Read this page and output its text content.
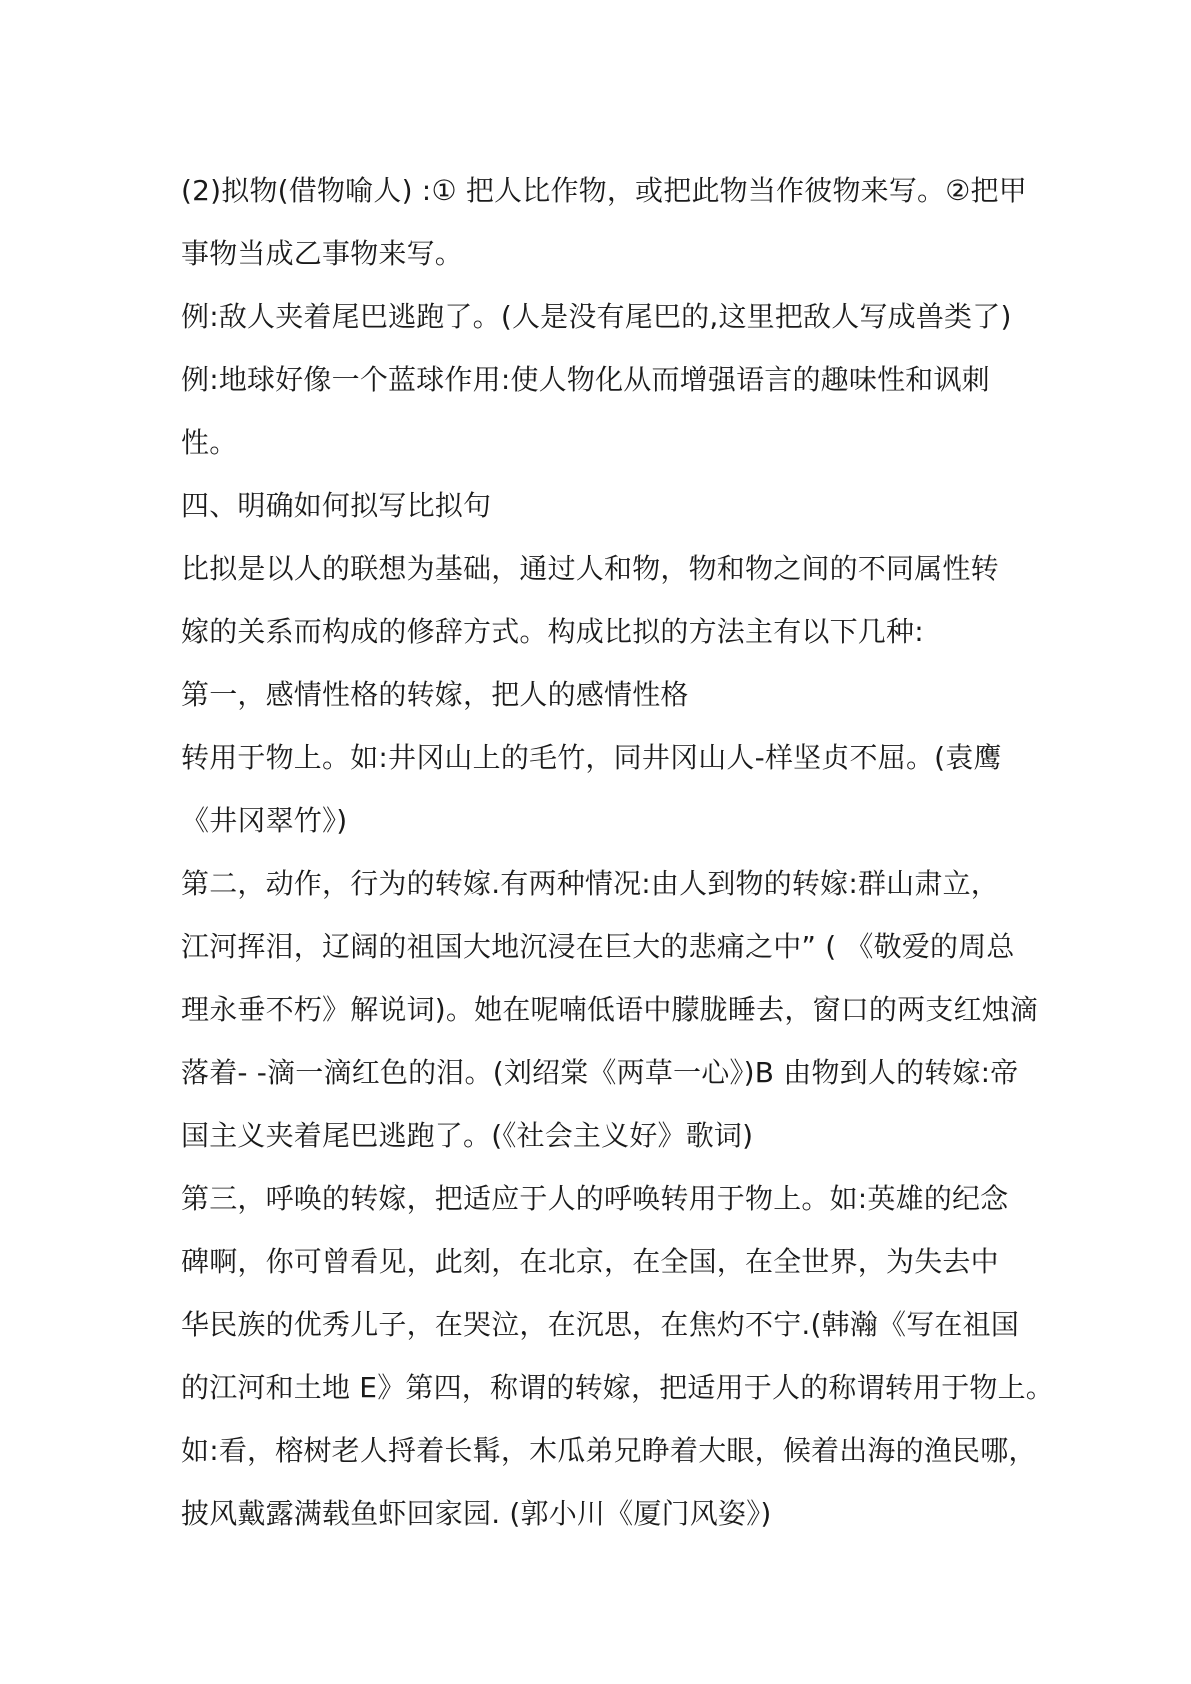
(2)拟物(借物喻人) :① 把人比作物，或把此物当作彼物来写。②把甲
事物当成乙事物来写。
例:敌人夹着尾巴逃跑了。(人是没有尾巴的,这里把敌人写成兽类了)
例:地球好像一个蓝球作用:使人物化从而增强语言的趣味性和讽刺
性。
四、明确如何拟写比拟句
比拟是以人的联想为基础，通过人和物，物和物之间的不同属性转
嫁的关系而构成的修辞方式。构成比拟的方法主有以下几种:
第一，感情性格的转嫁，把人的感情性格
转用于物上。如:井冈山上的毛竹，同井冈山人-样坚贞不屈。(袁鹰
《井冈翠竹》)
第二，动作，行为的转嫁.有两种情况:由人到物的转嫁:群山肃立，
江河挥泪，辽阔的祖国大地沉浸在巨大的悲痛之中” ( 《敬爱的周总
理永垂不朽》解说词)。她在呢喃低语中朦胧睡去，窗口的两支红烛滴
落着- -滴一滴红色的泪。(刘绍棠《两草一心》)B 由物到人的转嫁:帝
国主义夹着尾巴逃跑了。(《社会主义好》歌词)
第三，呼唤的转嫁，把适应于人的呼唤转用于物上。如:英雄的纪念
碑啊，你可曾看见，此刻，在北京，在全国，在全世界，为失去中
华民族的优秀儿子，在哭泣，在沉思，在焦灼不宁.(韩瀚《写在祖国
的江河和土地 E》第四，称谓的转嫁，把适用于人的称谓转用于物上。
如:看，榕树老人捋着长髯，木瓜弟兄睁着大眼，候着出海的渔民哪，
披风戴露满载鱼虾回家园. (郭小川《厦门风姿》)
